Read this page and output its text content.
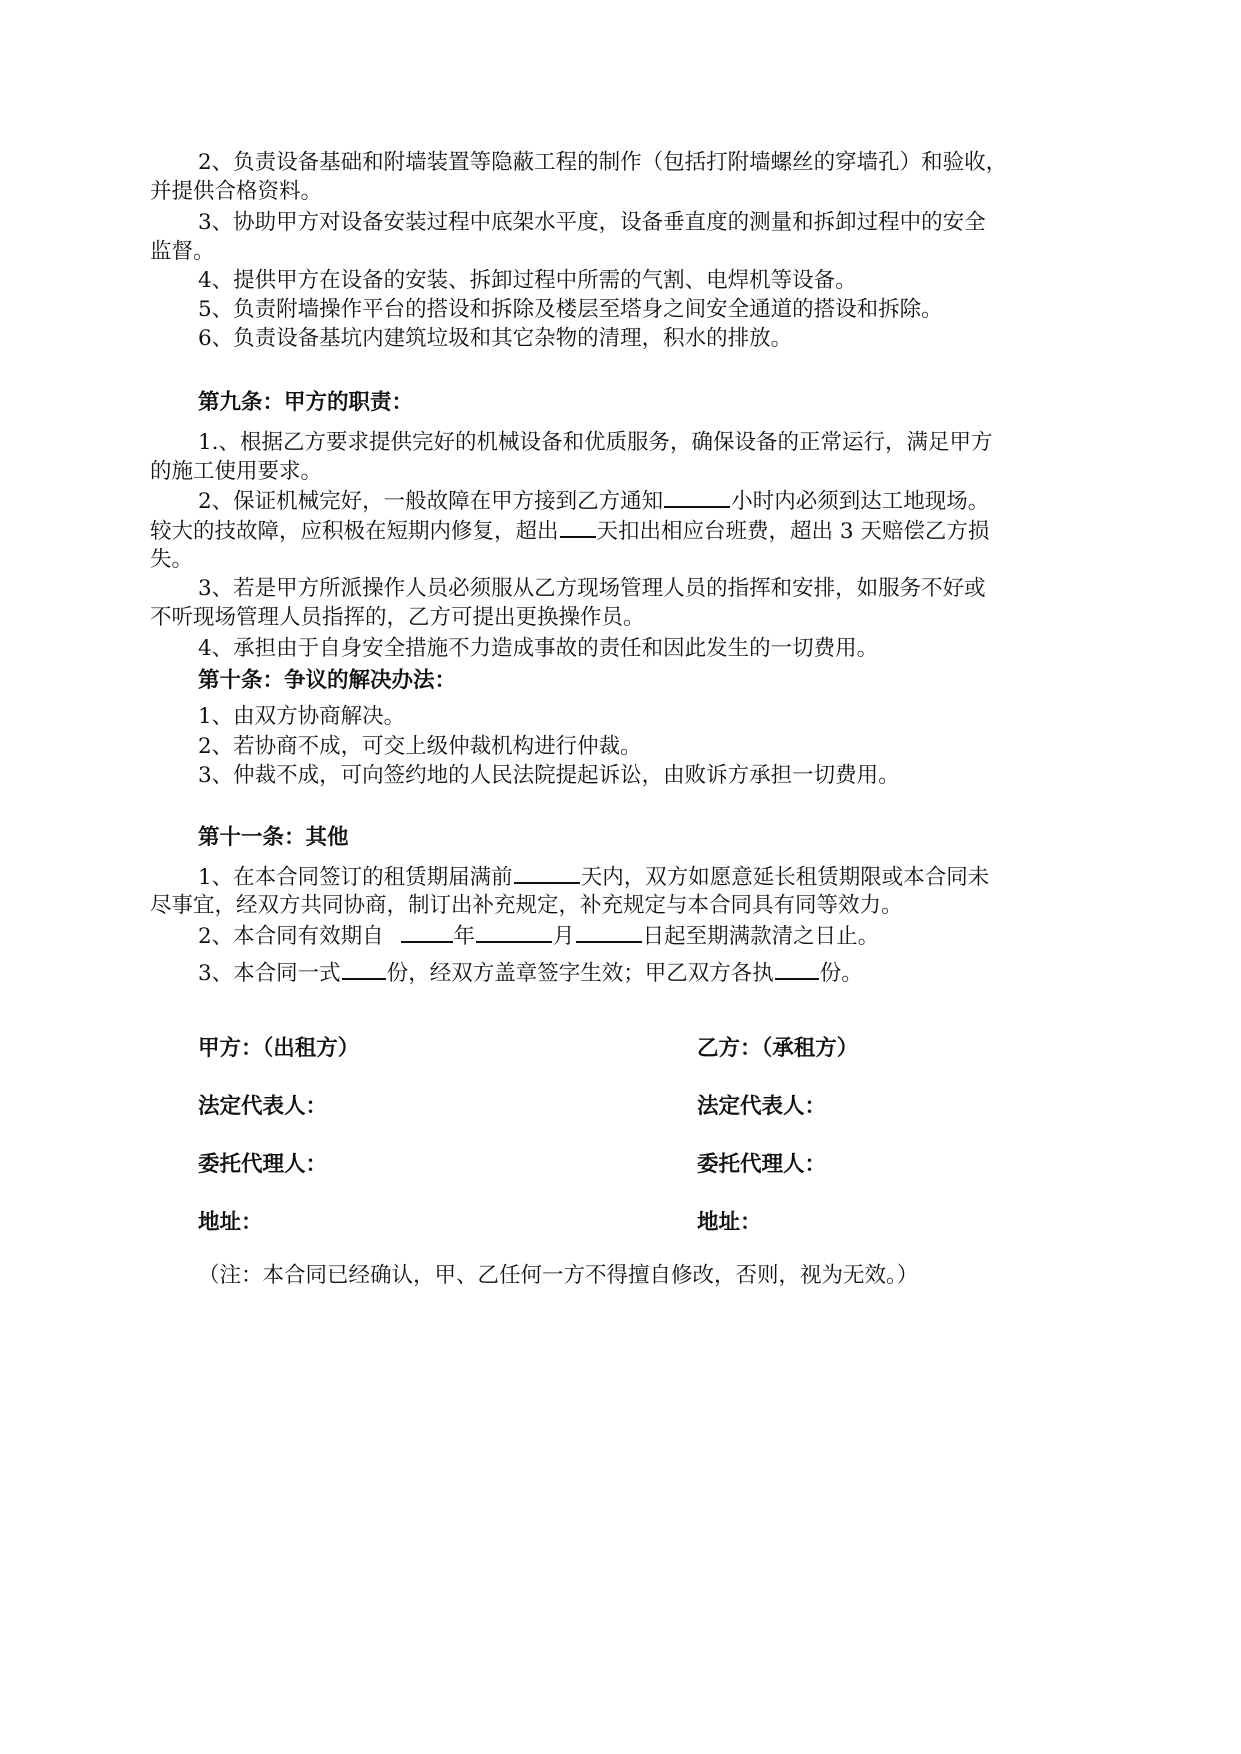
2、负责设备基础和附墙装置等隐蔽工程的制作（包括打附墙螺丝的穿墙孔）和验收，
并提供合格资料。
3、协助甲方对设备安装过程中底架水平度，设备垂直度的测量和拆卸过程中的安全
监督。
4、提供甲方在设备的安装、拆卸过程中所需的气割、电焊机等设备。
5、负责附墙操作平台的搭设和拆除及楼层至塔身之间安全通道的搭设和拆除。
6、负责设备基坑内建筑垃圾和其它杂物的清理，积水的排放。
第九条：甲方的职责：
1.、根据乙方要求提供完好的机械设备和优质服务，确保设备的正常运行，满足甲方
的施工使用要求。
2、保证机械完好，一般故障在甲方接到乙方通知	小时内必须到达工地现场。
较大的技故障，应积极在短期内修复，超出 天扣出相应台班费，超出 3 天赔偿乙方损
失。
3、若是甲方所派操作人员必须服从乙方现场管理人员的指挥和安排，如服务不好或
不听现场管理人员指挥的，乙方可提出更换操作员。
4、承担由于自身安全措施不力造成事故的责任和因此发生的一切费用。
第十条：争议的解决办法：
1、由双方协商解决。
2、若协商不成，可交上级仲裁机构进行仲裁。
3、仲裁不成，可向签约地的人民法院提起诉讼，由败诉方承担一切费用。
第十一条：其他
1、在本合同签订的租赁期届满前	天内，双方如愿意延长租赁期限或本合同未
尽事宜，经双方共同协商，制订出补充规定，补充规定与本合同具有同等效力。
2、本合同有效期自	年	月	日起至期满款清之日止。
3、本合同一式 份，经双方盖章签字生效；甲乙双方各执 份。
甲方：（出租方）	乙方：（承租方）
法定代表人：	法定代表人：
委托代理人：	委托代理人：
地址：	地址：
（注：本合同已经确认，甲、乙任何一方不得擅自修改，否则，视为无效。）
